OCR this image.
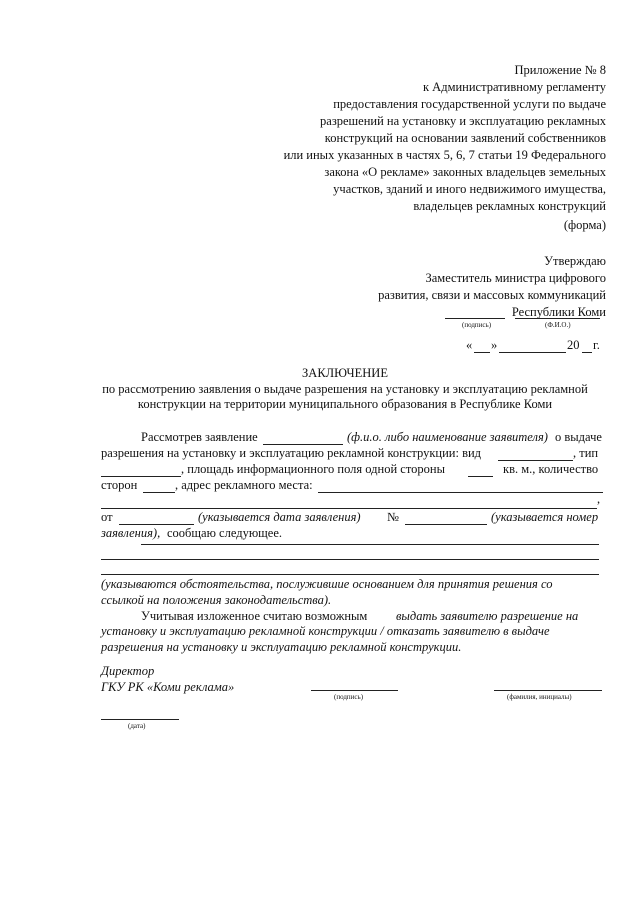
Приложение № 8
к Административному регламенту
предоставления государственной услуги по выдаче
разрешений на установку и эксплуатацию рекламных
конструкций на основании заявлений собственников
или иных указанных в частях 5, 6, 7 статьи 19 Федерального
закона «О рекламе» законных владельцев земельных
участков, зданий и иного недвижимого имущества,
владельцев рекламных конструкций
(форма)
Утверждаю
Заместитель министра цифрового
развития, связи и массовых коммуникаций
Республики Коми
(подпись)	(Ф.И.О.)
« »	20 г.
ЗАКЛЮЧЕНИЕ
по рассмотрению заявления о выдаче разрешения на установку и эксплуатацию рекламной
конструкции на территории муниципального образования в Республике Коми
Рассмотрев заявление	(ф.и.о. либо наименование заявителя) о выдаче
разрешения на установку и эксплуатацию рекламной конструкции: вид	, тип
, площадь информационного поля одной стороны	кв. м., количество
сторон	, адрес рекламного места:
,
от	(указывается дата заявления) №	(указывается номер
заявления), сообщаю следующее.
(указываются обстоятельства, послужившие основанием для принятия решения со
ссылкой на положения законодательства).
Учитывая изложенное считаю возможным выдать заявителю разрешение на
установку и эксплуатацию рекламной конструкции / отказать заявителю в выдаче
разрешения на установку и эксплуатацию рекламной конструкции.
Директор
ГКУ РК «Коми реклама»
(подпись)	(фамилия, инициалы)
(дата)
